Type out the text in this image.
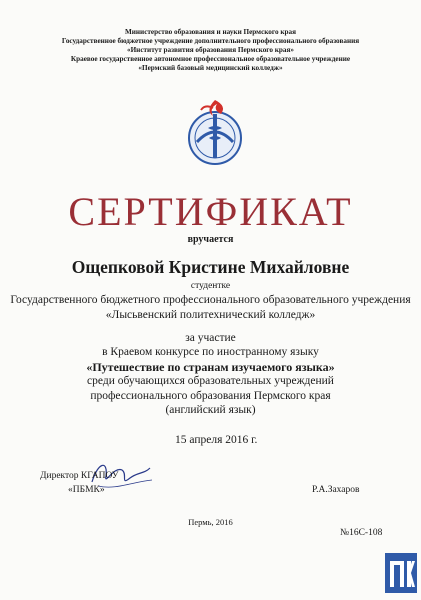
Министерство образования и науки Пермского края
Государственное бюджетное учреждение дополнительного профессионального образования
«Институт развития образования Пермского края»
Краевое государственное автономное профессиональное образовательное учреждение
«Пермский базовый медицинский колледж»
СЕРТИФИКАТ
вручается
Ощепковой Кристине Михайловне
студентке
Государственного бюджетного профессионального образовательного учреждения
«Лысьвенский политехнический колледж»
за участие
в Краевом конкурсе по иностранному языку
«Путешествие по странам изучаемого языка»
среди обучающихся образовательных учреждений
профессионального образования Пермского края
(английский язык)
15 апреля 2016 г.
Директор КГАПОУ
«ПБМК»	Р.А.Захаров
Пермь, 2016
№16С-108
